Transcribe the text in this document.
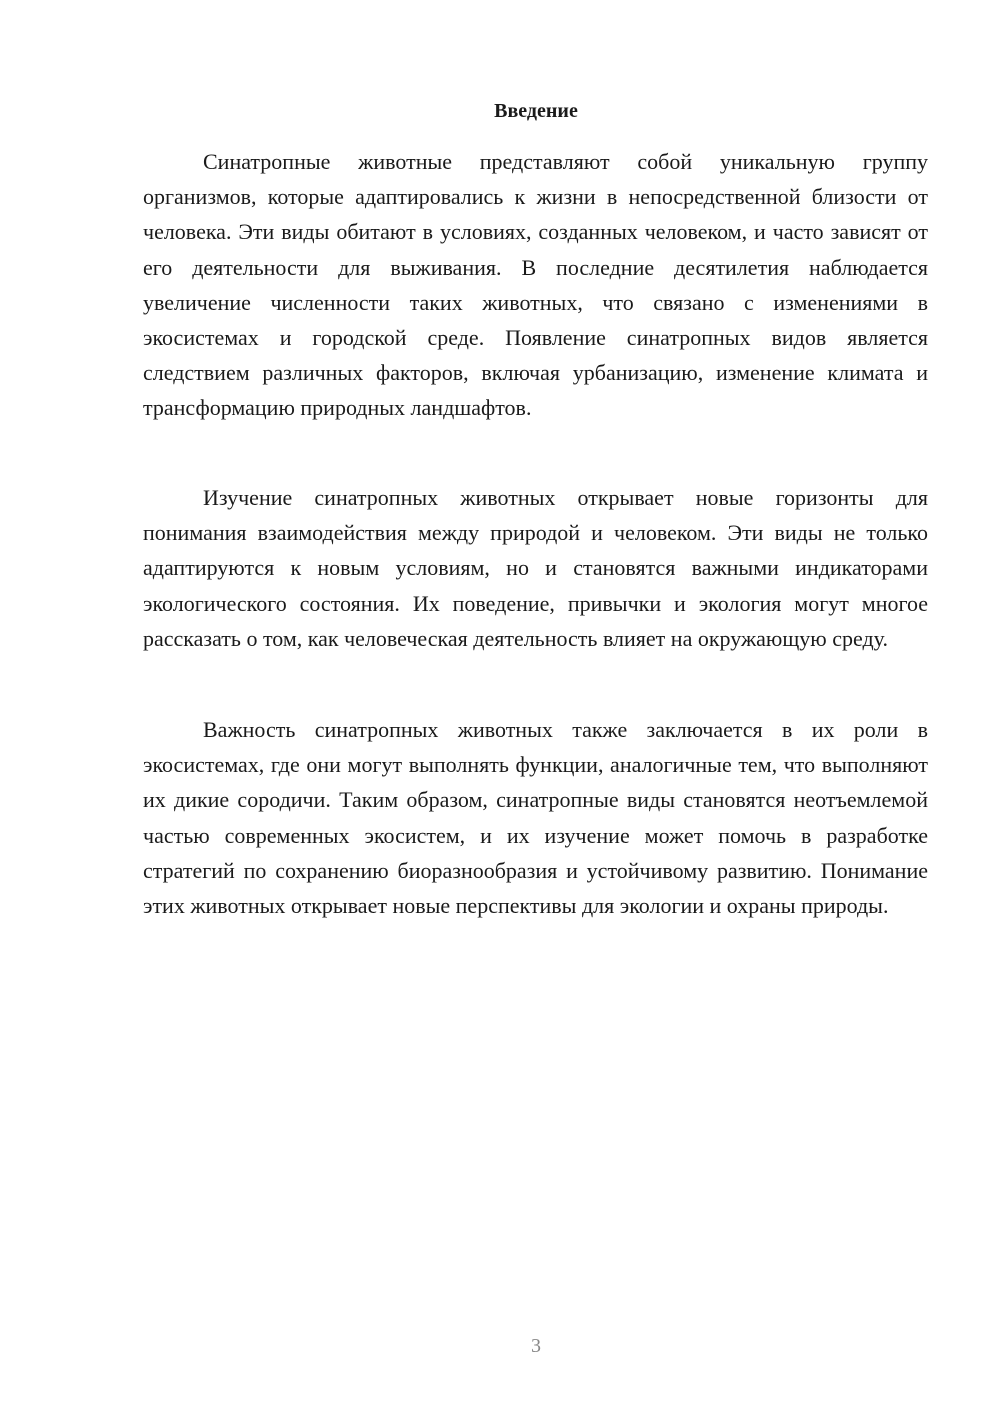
Введение

Синатропные животные представляют собой уникальную группу организмов, которые адаптировались к жизни в непосредственной близости от человека. Эти виды обитают в условиях, созданных человеком, и часто зависят от его деятельности для выживания. В последние десятилетия наблюдается увеличение численности таких животных, что связано с изменениями в экосистемах и городской среде. Появление синатропных видов является следствием различных факторов, включая урбанизацию, изменение климата и трансформацию природных ландшафтов.

Изучение синатропных животных открывает новые горизонты для понимания взаимодействия между природой и человеком. Эти виды не только адаптируются к новым условиям, но и становятся важными индикаторами экологического состояния. Их поведение, привычки и экология могут многое рассказать о том, как человеческая деятельность влияет на окружающую среду.

Важность синатропных животных также заключается в их роли в экосистемах, где они могут выполнять функции, аналогичные тем, что выполняют их дикие сородичи. Таким образом, синатропные виды становятся неотъемлемой частью современных экосистем, и их изучение может помочь в разработке стратегий по сохранению биоразнообразия и устойчивому развитию. Понимание этих животных открывает новые перспективы для экологии и охраны природы.

3
